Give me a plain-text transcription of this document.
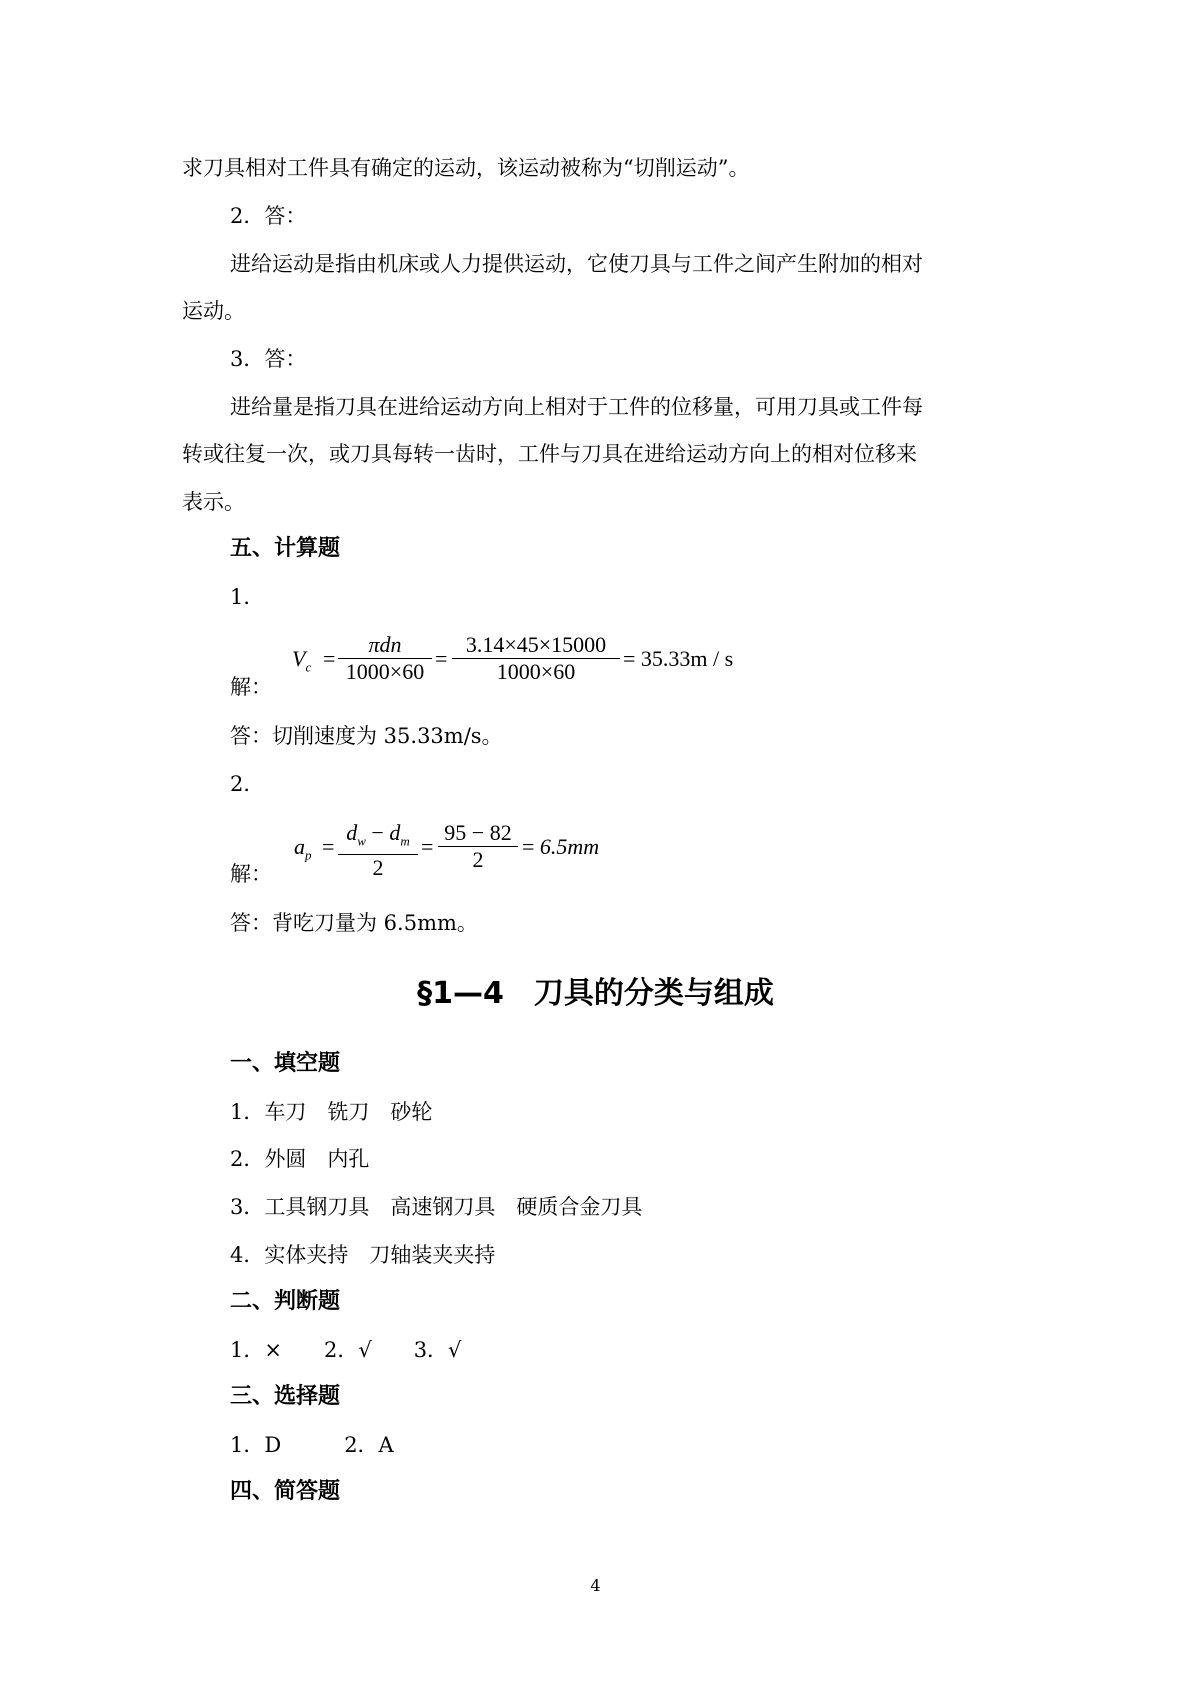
求刀具相对工件具有确定的运动，该运动被称为“切削运动”。

2．答：

进给运动是指由机床或人力提供运动，它使刀具与工件之间产生附加的相对

运动。

3．答：

进给量是指刀具在进给运动方向上相对于工件的位移量，可用刀具或工件每

转或往复一次，或刀具每转一齿时，工件与刀具在进给运动方向上的相对位移来

表示。

五、计算题

1．

解：

$V_c$ =
πdn
1000×60
=
3.14×45×15000
1000×60
= 35.33m / s

答：切削速度为 35.33m/s。

2．

解：

$a_p$ =
$d_w - d_m$
2
=
95 − 82
2
= 6.5mm

答：背吃刀量为 6.5mm。

§1—4　刀具的分类与组成

一、填空题

1．车刀　铣刀　砂轮

2．外圆　内孔

3．工具钢刀具　高速钢刀具　硬质合金刀具

4．实体夹持　刀轴装夹夹持

二、判断题

1．×　　2．√　　3．√

三、选择题

1．D　　　2．A

四、简答题

4
